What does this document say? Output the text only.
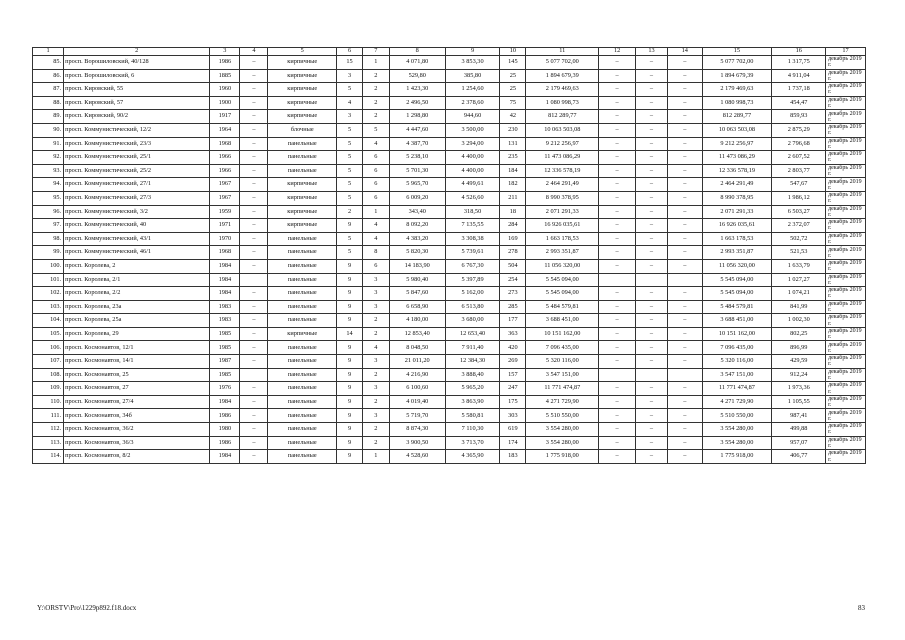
1	2	3	4	5	6	7	8	9	10	11	12	13	14	15	16	17
85.	просп. Ворошиловский, 40/128	1986	–	кирпичные	15	1	4 071,80	3 853,30	145	5 077 702,00	–	–	–	5 077 702,00	1 317,75	декабрь 2019 г.
86.	просп. Ворошиловский, 6	1885	–	кирпичные	3	2	529,80	385,80	25	1 894 679,39	–	–	–	1 894 679,39	4 911,04	декабрь 2019 г.
87.	просп. Кировский, 55	1960	–	кирпичные	5	2	1 423,30	1 254,60	25	2 179 469,63	–	–	–	2 179 469,63	1 737,18	декабрь 2019 г.
88.	просп. Кировский, 57	1900	–	кирпичные	4	2	2 496,50	2 378,60	75	1 080 998,73	–	–	–	1 080 998,73	454,47	декабрь 2019 г.
89.	просп. Кировский, 90/2	1917	–	кирпичные	3	2	1 298,80	944,60	42	812 289,77	–	–	–	812 289,77	859,93	декабрь 2019 г.
90.	просп. Коммунистический, 12/2	1964	–	блочные	5	5	4 447,60	3 500,00	230	10 063 503,08	–	–	–	10 063 503,08	2 875,29	декабрь 2019 г.
91.	просп. Коммунистический, 23/3	1968	–	панельные	5	4	4 387,70	3 294,00	131	9 212 256,97	–	–	–	9 212 256,97	2 796,68	декабрь 2019 г.
92.	просп. Коммунистический, 25/1	1966	–	панельные	5	6	5 238,10	4 400,00	235	11 473 086,29	–	–	–	11 473 086,29	2 607,52	декабрь 2019 г.
93.	просп. Коммунистический, 25/2	1966	–	панельные	5	6	5 701,30	4 400,00	184	12 336 578,19	–	–	–	12 336 578,19	2 803,77	декабрь 2019 г.
94.	просп. Коммунистический, 27/1	1967	–	кирпичные	5	6	5 965,70	4 499,61	182	2 464 291,49	–	–	–	2 464 291,49	547,67	декабрь 2019 г.
95.	просп. Коммунистический, 27/3	1967	–	кирпичные	5	6	6 009,20	4 526,60	211	8 990 378,95	–	–	–	8 990 378,95	1 986,12	декабрь 2019 г.
96.	просп. Коммунистический, 3/2	1959	–	кирпичные	2	1	343,40	318,50	18	2 071 291,33	–	–	–	2 071 291,33	6 503,27	декабрь 2019 г.
97.	просп. Коммунистический, 40	1971	–	кирпичные	9	4	8 092,20	7 135,55	284	16 926 035,61	–	–	–	16 926 035,61	2 372,07	декабрь 2019 г.
98.	просп. Коммунистический, 43/1	1970	–	панельные	5	4	4 383,20	3 308,38	169	1 663 178,53	–	–	–	1 663 178,53	502,72	декабрь 2019 г.
99.	просп. Коммунистический, 46/1	1968	–	панельные	5	8	5 820,30	5 739,61	278	2 993 351,87	–	–	–	2 993 351,87	521,53	декабрь 2019 г.
100.	просп. Королева, 2	1984	–	панельные	9	6	14 183,90	6 767,30	504	11 056 320,00	–	–	–	11 056 320,00	1 633,79	декабрь 2019 г.
101.	просп. Королева, 2/1	1984		панельные	9	3	5 980,40	5 397,89	254	5 545 094,00				5 545 094,00	1 027,27	декабрь 2019 г.
102.	просп. Королева, 2/2	1984	–	панельные	9	3	5 847,60	5 162,00	273	5 545 094,00	–	–	–	5 545 094,00	1 074,21	декабрь 2019 г.
103.	просп. Королева, 23а	1983	–	панельные	9	3	6 658,90	6 513,80	285	5 484 579,81	–	–	–	5 484 579,81	841,99	декабрь 2019 г.
104.	просп. Королева, 25а	1983	–	панельные	9	2	4 180,00	3 680,00	177	3 688 451,00	–	–	–	3 688 451,00	1 002,30	декабрь 2019 г.
105.	просп. Королева, 29	1985	–	кирпичные	14	2	12 853,40	12 653,40	363	10 151 162,00	–	–	–	10 151 162,00	802,25	декабрь 2019 г.
106.	просп. Космонавтов, 12/1	1985	–	панельные	9	4	8 048,50	7 911,40	420	7 096 435,00	–	–	–	7 096 435,00	896,99	декабрь 2019 г.
107.	просп. Космонавтов, 14/1	1987	–	панельные	9	3	21 011,20	12 384,30	269	5 320 116,00	–	–	–	5 320 116,00	429,59	декабрь 2019 г.
108.	просп. Космонавтов, 25	1985		панельные	9	2	4 216,90	3 888,40	157	3 547 151,00				3 547 151,00	912,24	декабрь 2019 г.
109.	просп. Космонавтов, 27	1976	–	панельные	9	3	6 100,60	5 965,20	247	11 771 474,87	–	–	–	11 771 474,87	1 973,36	декабрь 2019 г.
110.	просп. Космонавтов, 27/4	1984	–	панельные	9	2	4 019,40	3 863,90	175	4 271 729,90	–	–	–	4 271 729,90	1 105,55	декабрь 2019 г.
111.	просп. Космонавтов, 34б	1986	–	панельные	9	3	5 719,70	5 580,81	303	5 510 550,00	–	–	–	5 510 550,00	987,41	декабрь 2019 г.
112.	просп. Космонавтов, 36/2	1980	–	панельные	9	2	8 874,30	7 110,30	619	3 554 280,00	–	–	–	3 554 280,00	499,88	декабрь 2019 г.
113.	просп. Космонавтов, 36/3	1986	–	панельные	9	2	3 900,50	3 713,70	174	3 554 280,00	–	–	–	3 554 280,00	957,07	декабрь 2019 г.
114.	просп. Космонавтов, 8/2	1984	–	панельные	9	1	4 528,60	4 365,90	183	1 775 918,00	–	–	–	1 775 918,00	406,77	декабрь 2019 г.
Y:\ORSTV\Pro\1229p892.f18.docx	83
